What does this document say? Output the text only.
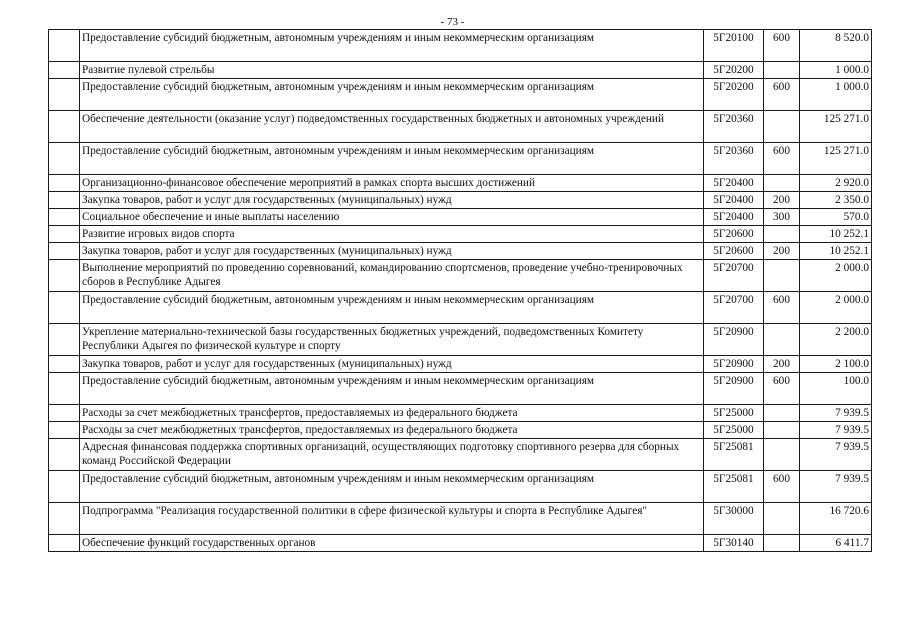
- 73 -
	Предоставление субсидий бюджетным, автономным учреждениям и иным некоммерческим организациям	5Г20100	600	8 520.0
	Развитие пулевой стрельбы	5Г20200		1 000.0
	Предоставление субсидий бюджетным, автономным учреждениям и иным некоммерческим организациям	5Г20200	600	1 000.0
	Обеспечение деятельности (оказание услуг) подведомственных государственных бюджетных и автономных учреждений	5Г20360		125 271.0
	Предоставление субсидий бюджетным, автономным учреждениям и иным некоммерческим организациям	5Г20360	600	125 271.0
	Организационно-финансовое обеспечение мероприятий в рамках спорта высших достижений	5Г20400		2 920.0
	Закупка товаров, работ и услуг для государственных (муниципальных) нужд	5Г20400	200	2 350.0
	Социальное обеспечение и иные выплаты населению	5Г20400	300	570.0
	Развитие игровых видов спорта	5Г20600		10 252.1
	Закупка товаров, работ и услуг для государственных (муниципальных) нужд	5Г20600	200	10 252.1
	Выполнение мероприятий по проведению соревнований, командированию спортсменов, проведение учебно-тренировочных сборов в Республике Адыгея	5Г20700		2 000.0
	Предоставление субсидий бюджетным, автономным учреждениям и иным некоммерческим организациям	5Г20700	600	2 000.0
	Укрепление материально-технической базы государственных бюджетных учреждений, подведомственных Комитету Республики Адыгея по физической культуре и спорту	5Г20900		2 200.0
	Закупка товаров, работ и услуг для государственных (муниципальных) нужд	5Г20900	200	2 100.0
	Предоставление субсидий бюджетным, автономным учреждениям и иным некоммерческим организациям	5Г20900	600	100.0
	Расходы за счет межбюджетных трансфертов, предоставляемых из федерального бюджета	5Г25000		7 939.5
	Расходы за счет межбюджетных трансфертов, предоставляемых из федерального бюджета	5Г25000		7 939.5
	Адресная финансовая поддержка спортивных организаций, осуществляющих подготовку спортивного резерва для сборных команд Российской Федерации	5Г25081		7 939.5
	Предоставление субсидий бюджетным, автономным учреждениям и иным некоммерческим организациям	5Г25081	600	7 939.5
	Подпрограмма "Реализация государственной политики в сфере физической культуры и спорта в Республике Адыгея"	5Г30000		16 720.6
	Обеспечение функций государственных органов	5Г30140		6 411.7
